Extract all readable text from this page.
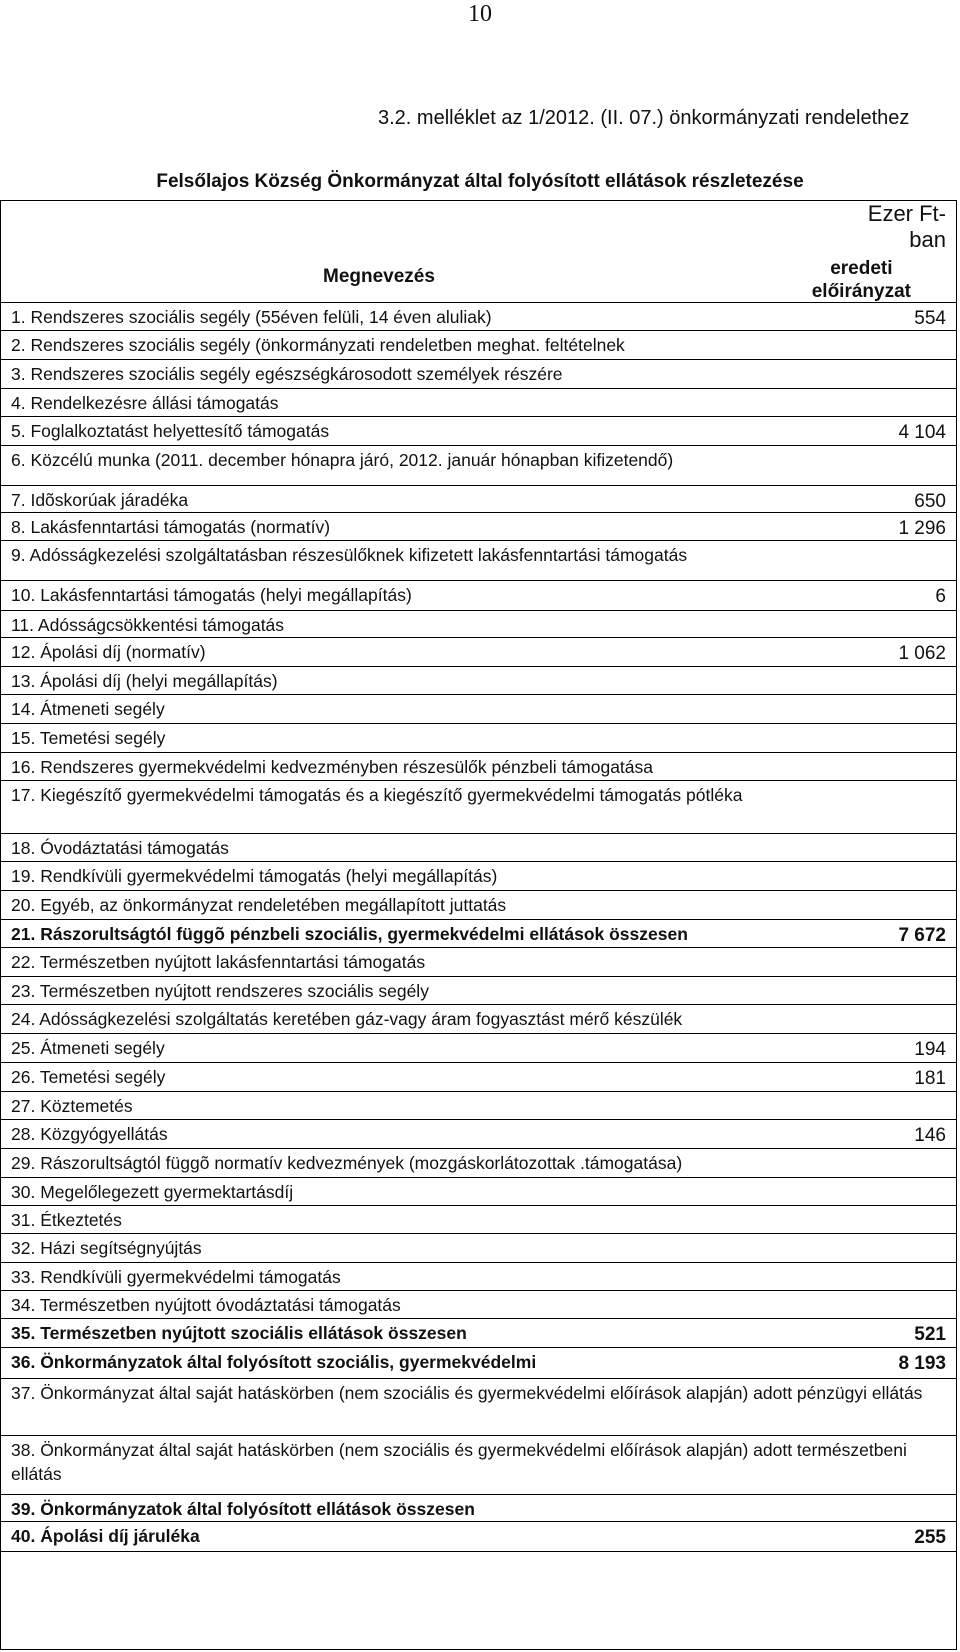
10
3.2. melléklet az 1/2012. (II. 07.) önkormányzati rendelethez
Felsőlajos Község Önkormányzat által folyósított ellátások részletezése
Ezer Ft-
ban
Megnevezés	eredeti
előirányzat
1. Rendszeres szociális segély (55éven felüli, 14 éven aluliak)	554
2. Rendszeres szociális segély (önkormányzati rendeletben meghat. feltételnek
3. Rendszeres szociális segély egészségkárosodott személyek részére
4. Rendelkezésre állási támogatás
5. Foglalkoztatást helyettesítő támogatás	4 104
6. Közcélú munka (2011. december hónapra járó, 2012. január hónapban kifizetendő)
7. Idõskorúak járadéka	650
8. Lakásfenntartási támogatás (normatív)	1 296
9. Adósságkezelési szolgáltatásban részesülőknek kifizetett lakásfenntartási támogatás
10. Lakásfenntartási támogatás (helyi megállapítás)	6
11. Adósságcsökkentési támogatás
12. Ápolási díj (normatív)	1 062
13. Ápolási díj (helyi megállapítás)
14. Átmeneti segély
15. Temetési segély
16. Rendszeres gyermekvédelmi kedvezményben részesülők pénzbeli támogatása
17. Kiegészítő gyermekvédelmi támogatás és a kiegészítő gyermekvédelmi támogatás pótléka
18. Óvodáztatási támogatás
19. Rendkívüli gyermekvédelmi támogatás (helyi megállapítás)
20. Egyéb, az önkormányzat rendeletében megállapított juttatás
21. Rászorultságtól függõ pénzbeli szociális, gyermekvédelmi ellátások összesen	7 672
22. Természetben nyújtott lakásfenntartási támogatás
23. Természetben nyújtott rendszeres szociális segély
24. Adósságkezelési szolgáltatás keretében gáz-vagy áram fogyasztást mérő készülék
25. Átmeneti segély	194
26. Temetési segély	181
27. Köztemetés
28. Közgyógyellátás	146
29. Rászorultságtól függõ normatív kedvezmények (mozgáskorlátozottak .támogatása)
30. Megelőlegezett gyermektartásdíj
31. Étkeztetés
32. Házi segítségnyújtás
33. Rendkívüli gyermekvédelmi támogatás
34. Természetben nyújtott óvodáztatási támogatás
35. Természetben nyújtott szociális ellátások összesen	521
36. Önkormányzatok által folyósított szociális, gyermekvédelmi	8 193
37. Önkormányzat által saját hatáskörben (nem szociális és gyermekvédelmi előírások alapján) adott pénzügyi ellátás
38. Önkormányzat által saját hatáskörben (nem szociális és gyermekvédelmi előírások alapján) adott természetbeni ellátás
39. Önkormányzatok által folyósított ellátások összesen
40. Ápolási díj járuléka	255
